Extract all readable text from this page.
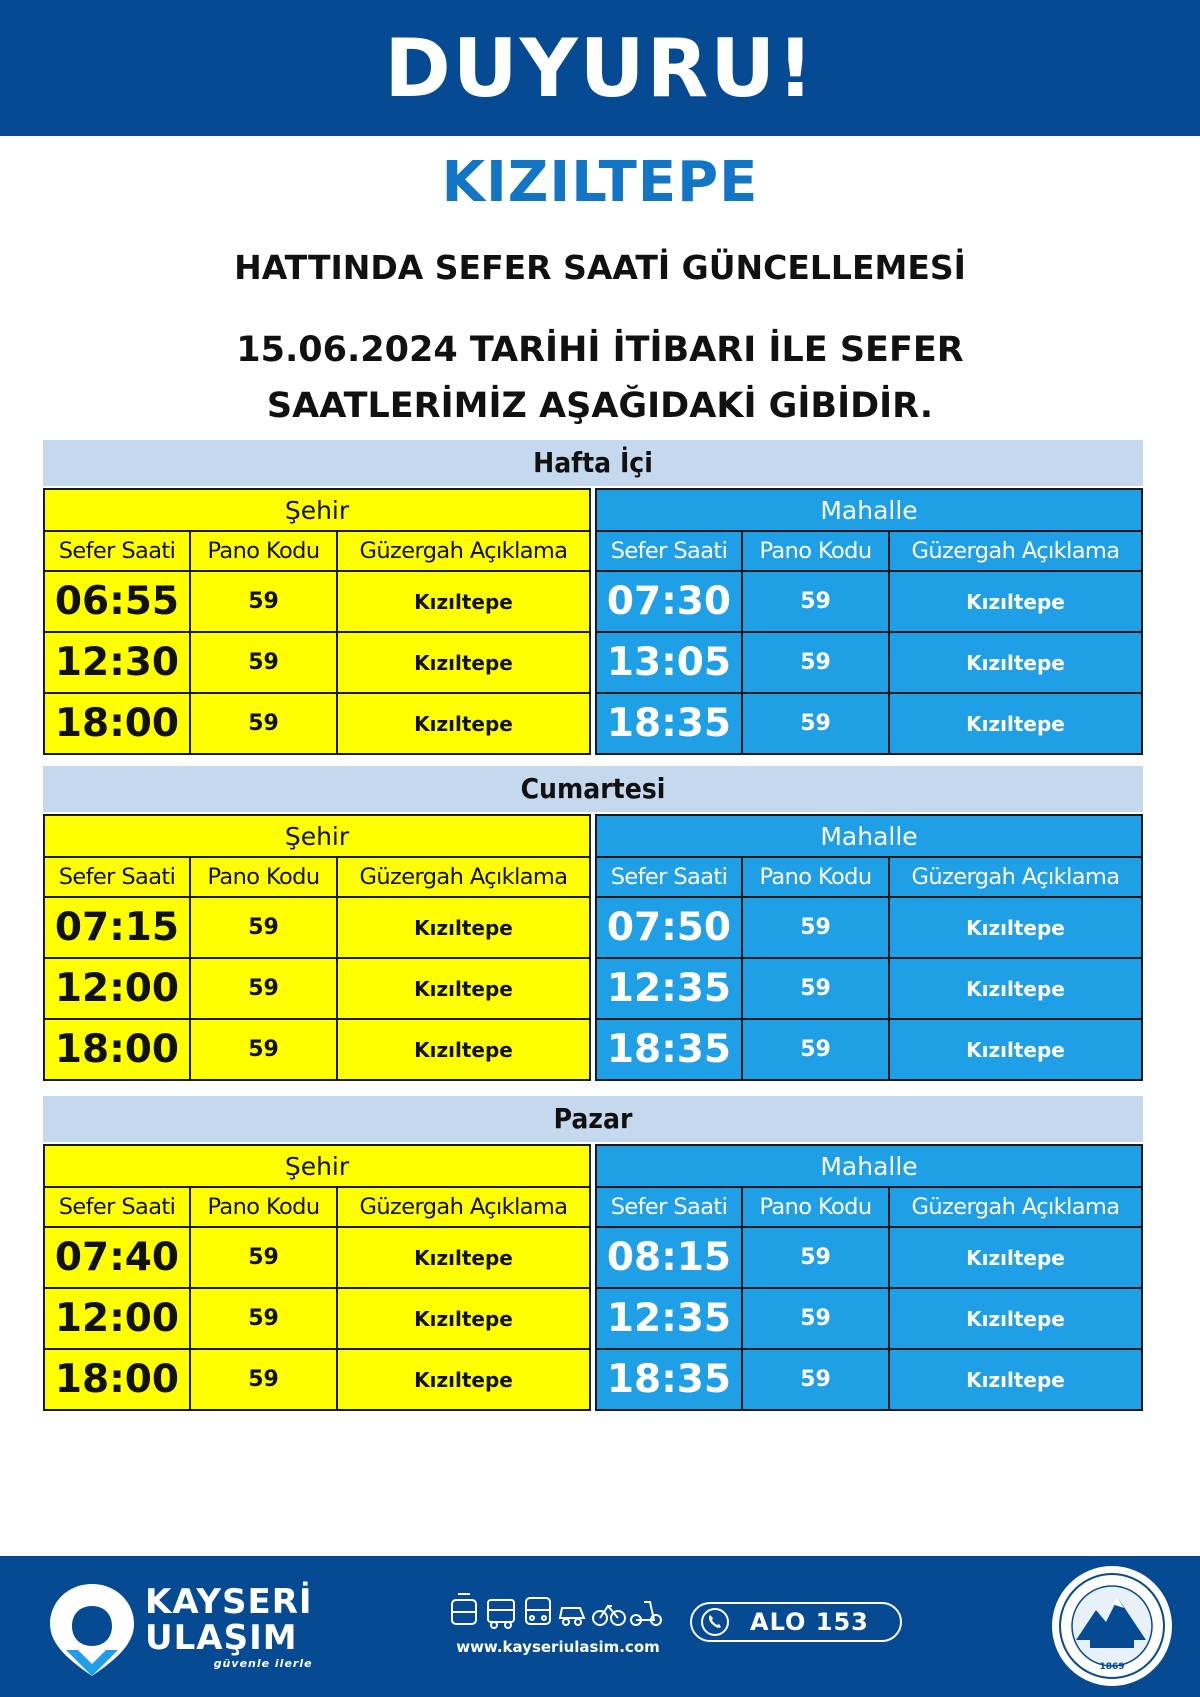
DUYURU!
KIZILTEPE
HATTINDA SEFER SAATİ GÜNCELLEMESİ
15.06.2024 TARİHİ İTİBARI İLE SEFER
SAATLERİMİZ AŞAĞIDAKİ GİBİDİR.
Hafta İçi
Şehir		
Sefer Saati	Pano Kodu	Güzergah Açıklama
06:55	59	Kızıltepe
12:30	59	Kızıltepe
18:00	59	Kızıltepe
Mahalle		
Sefer Saati	Pano Kodu	Güzergah Açıklama
07:30	59	Kızıltepe
13:05	59	Kızıltepe
18:35	59	Kızıltepe
Cumartesi
Şehir		
Sefer Saati	Pano Kodu	Güzergah Açıklama
07:15	59	Kızıltepe
12:00	59	Kızıltepe
18:00	59	Kızıltepe
Mahalle		
Sefer Saati	Pano Kodu	Güzergah Açıklama
07:50	59	Kızıltepe
12:35	59	Kızıltepe
18:35	59	Kızıltepe
Pazar
Şehir		
Sefer Saati	Pano Kodu	Güzergah Açıklama
07:40	59	Kızıltepe
12:00	59	Kızıltepe
18:00	59	Kızıltepe
Mahalle		
Sefer Saati	Pano Kodu	Güzergah Açıklama
08:15	59	Kızıltepe
12:35	59	Kızıltepe
18:35	59	Kızıltepe
KAYSERİ
ULAŞIM
güvenle ilerle
www.kayseriulasim.com
ALO 153
1869
